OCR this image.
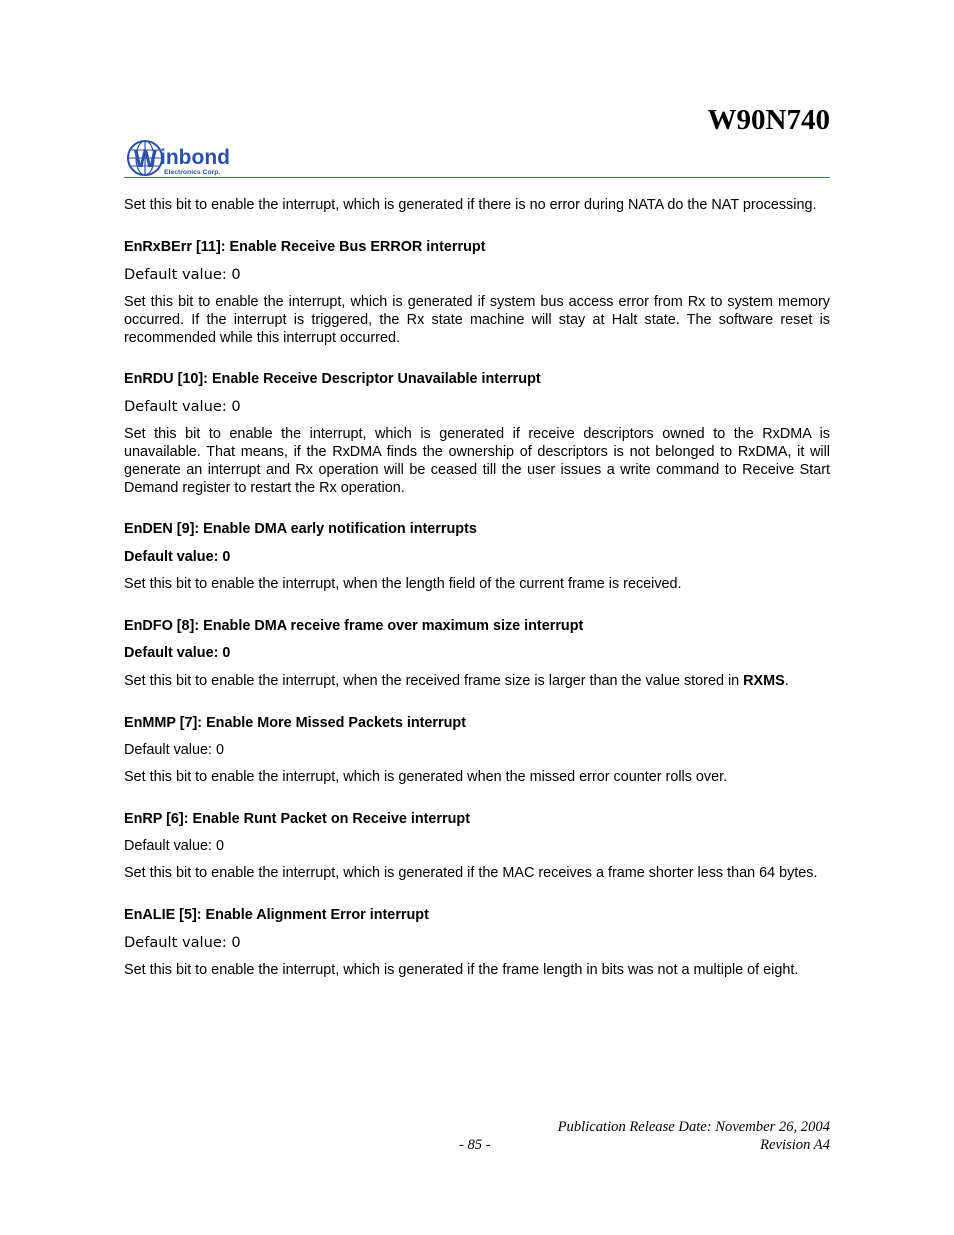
W90N740
W inbond
Electronics Corp.

Set this bit to enable the interrupt, which is generated if there is no error during NATA do the NAT processing.

EnRxBErr [11]: Enable Receive Bus ERROR interrupt
Default value: 0

Set this bit to enable the interrupt, which is generated if system bus access error from Rx to system memory occurred. If the interrupt is triggered, the Rx state machine will stay at Halt state. The software reset is recommended while this interrupt occurred.

EnRDU [10]: Enable Receive Descriptor Unavailable interrupt
Default value: 0

Set this bit to enable the interrupt, which is generated if receive descriptors owned to the RxDMA is unavailable. That means, if the RxDMA finds the ownership of descriptors is not belonged to RxDMA, it will generate an interrupt and Rx operation will be ceased till the user issues a write command to Receive Start Demand register to restart the Rx operation.

EnDEN [9]: Enable DMA early notification interrupts
Default value: 0

Set this bit to enable the interrupt, when the length field of the current frame is received.

EnDFO [8]: Enable DMA receive frame over maximum size interrupt
Default value: 0

Set this bit to enable the interrupt, when the received frame size is larger than the value stored in RXMS.

EnMMP [7]: Enable More Missed Packets interrupt
Default value: 0

Set this bit to enable the interrupt, which is generated when the missed error counter rolls over.

EnRP [6]: Enable Runt Packet on Receive interrupt
Default value: 0

Set this bit to enable the interrupt, which is generated if the MAC receives a frame shorter less than 64 bytes.

EnALIE [5]: Enable Alignment Error interrupt
Default value: 0

Set this bit to enable the interrupt, which is generated if the frame length in bits was not a multiple of eight.

Publication Release Date: November 26, 2004
- 85 -	Revision A4
